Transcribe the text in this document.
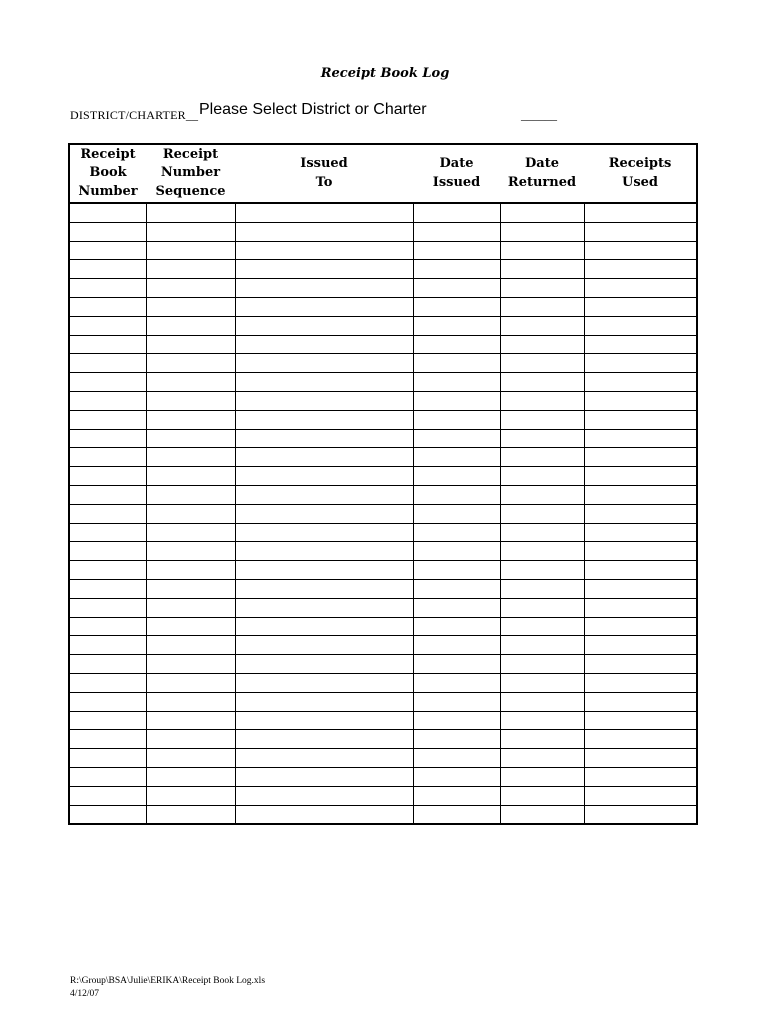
Receipt Book Log
DISTRICT/CHARTER__ Please Select District or Charter	______
Receipt
Book
Number	Receipt
Number
Sequence	Issued
To	Date
Issued	Date
Returned	Receipts
Used

R:\Group\BSA\Julie\ERIKA\Receipt Book Log.xls
4/12/07
